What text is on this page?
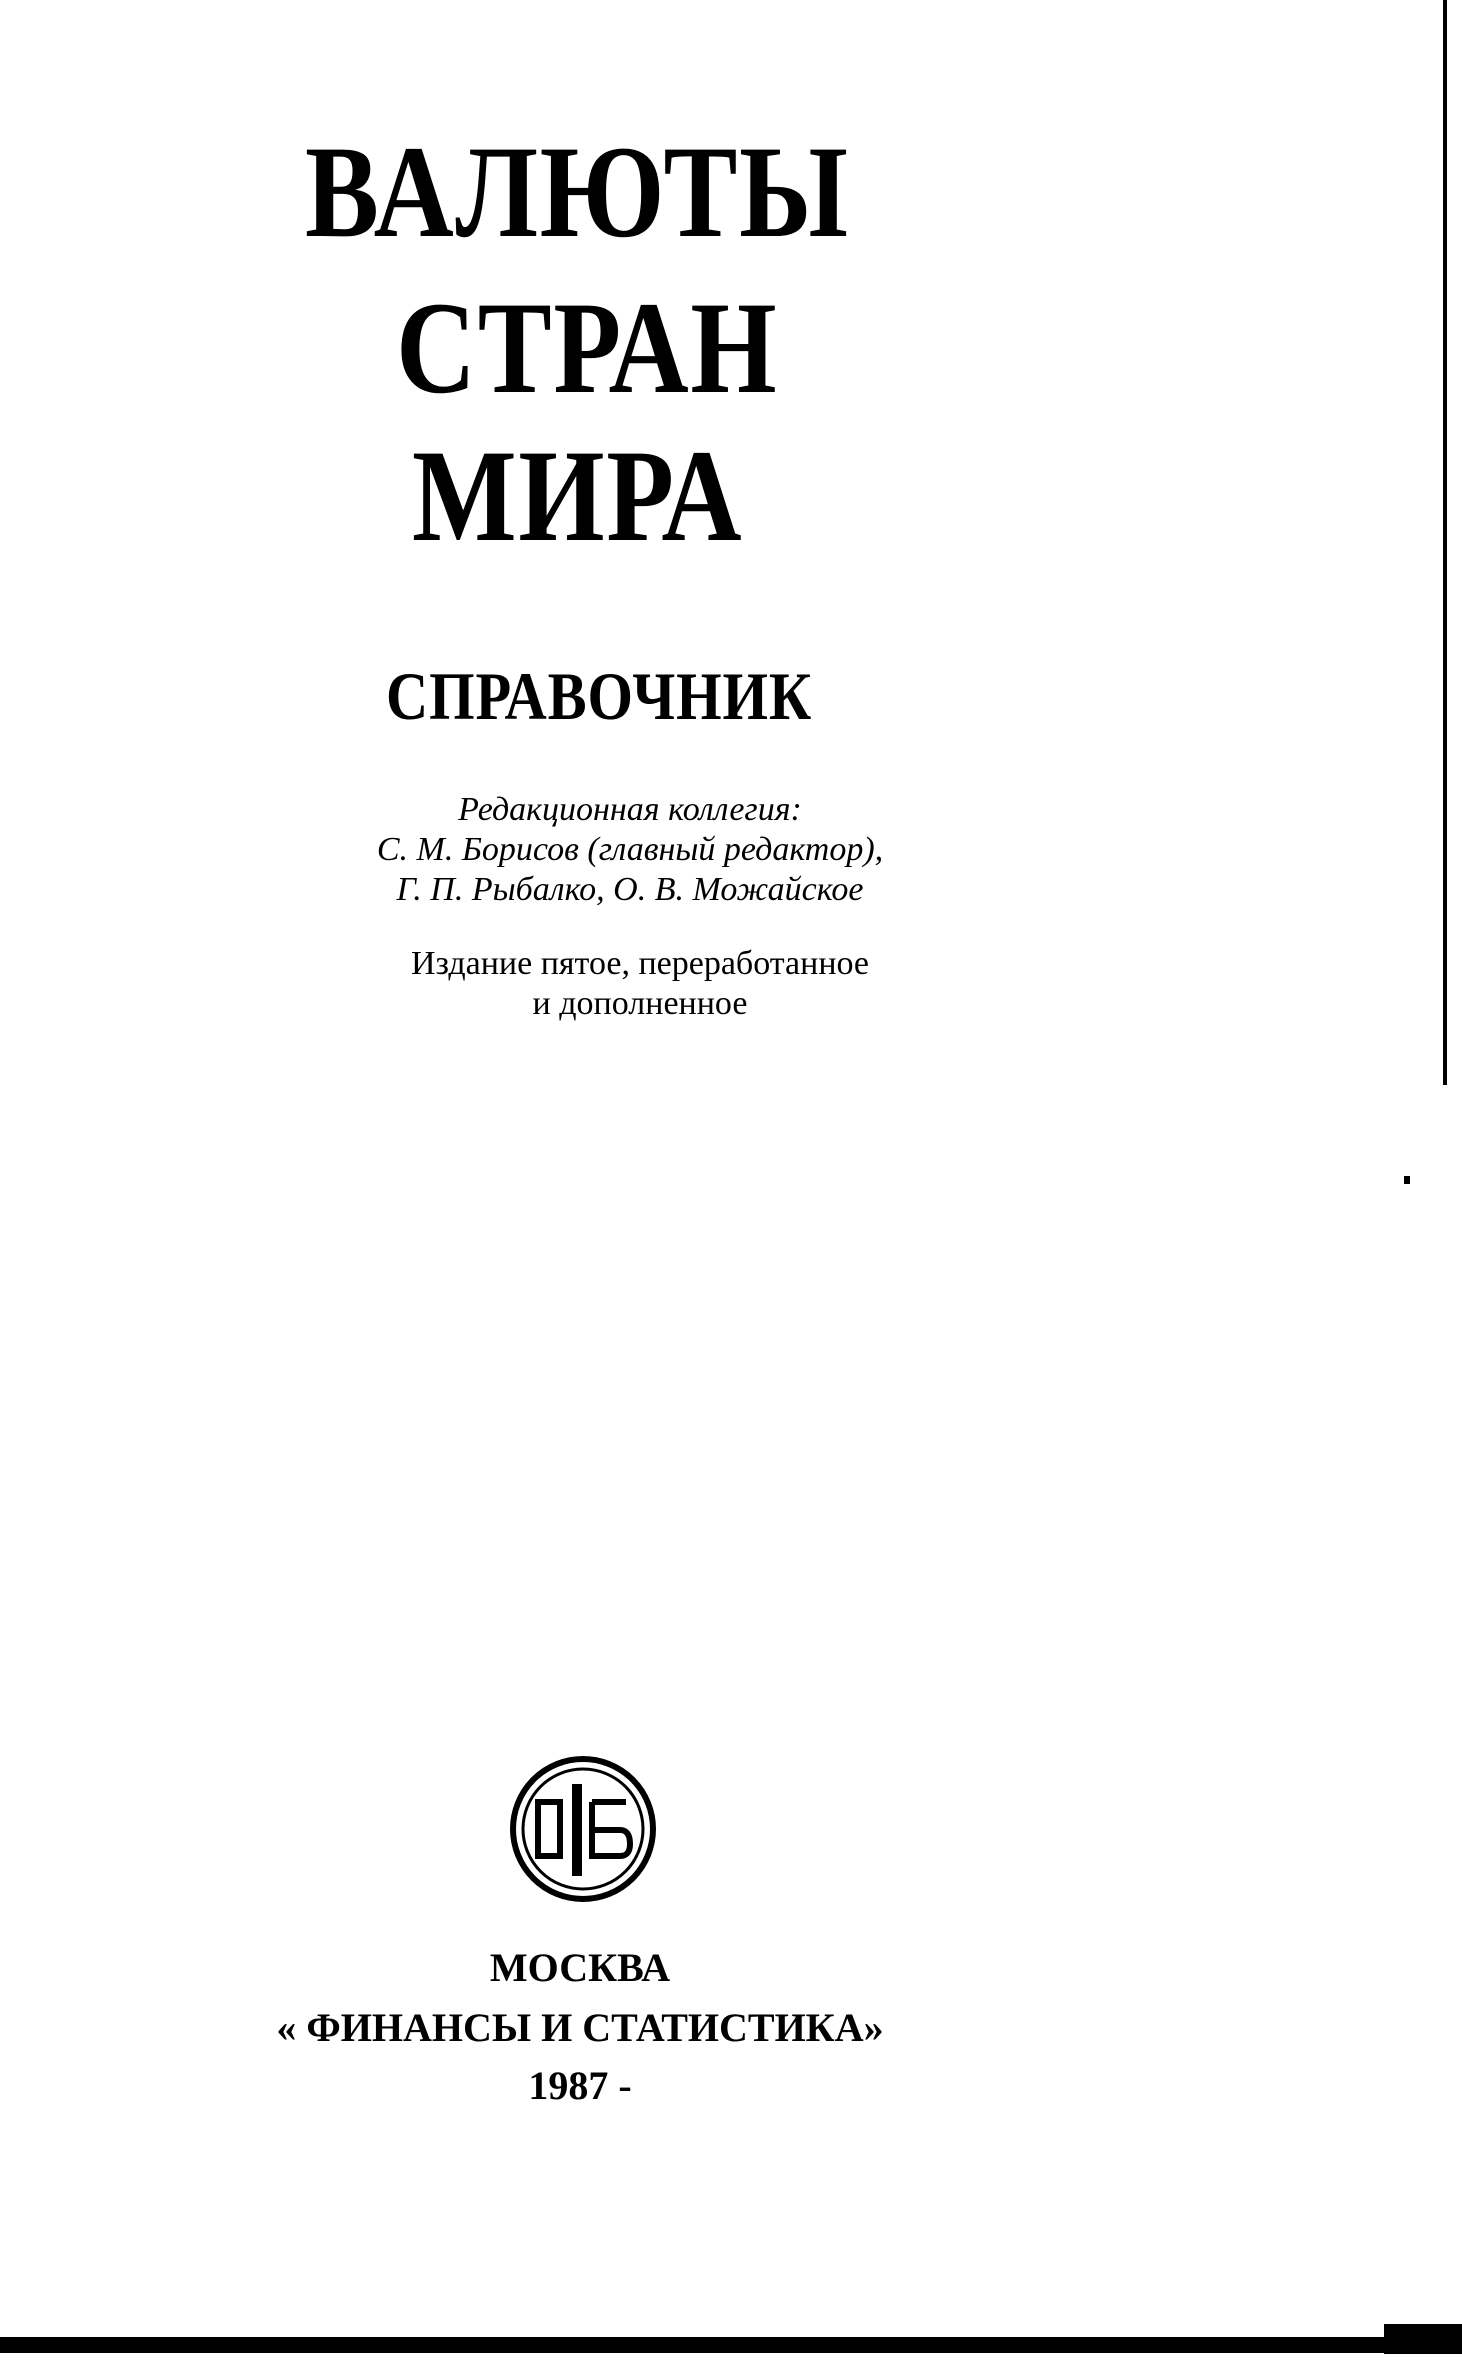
ВАЛЮТЫ
СТРАН
МИРА
СПРАВОЧНИК
Редакционная коллегия:
С. М. Борисов (главный редактор),
Г. П. Рыбалко, О. В. Можайское
Издание пятое, переработанное
и дополненное
МОСКВА
« ФИНАНСЫ И СТАТИСТИКА»
1987 -
